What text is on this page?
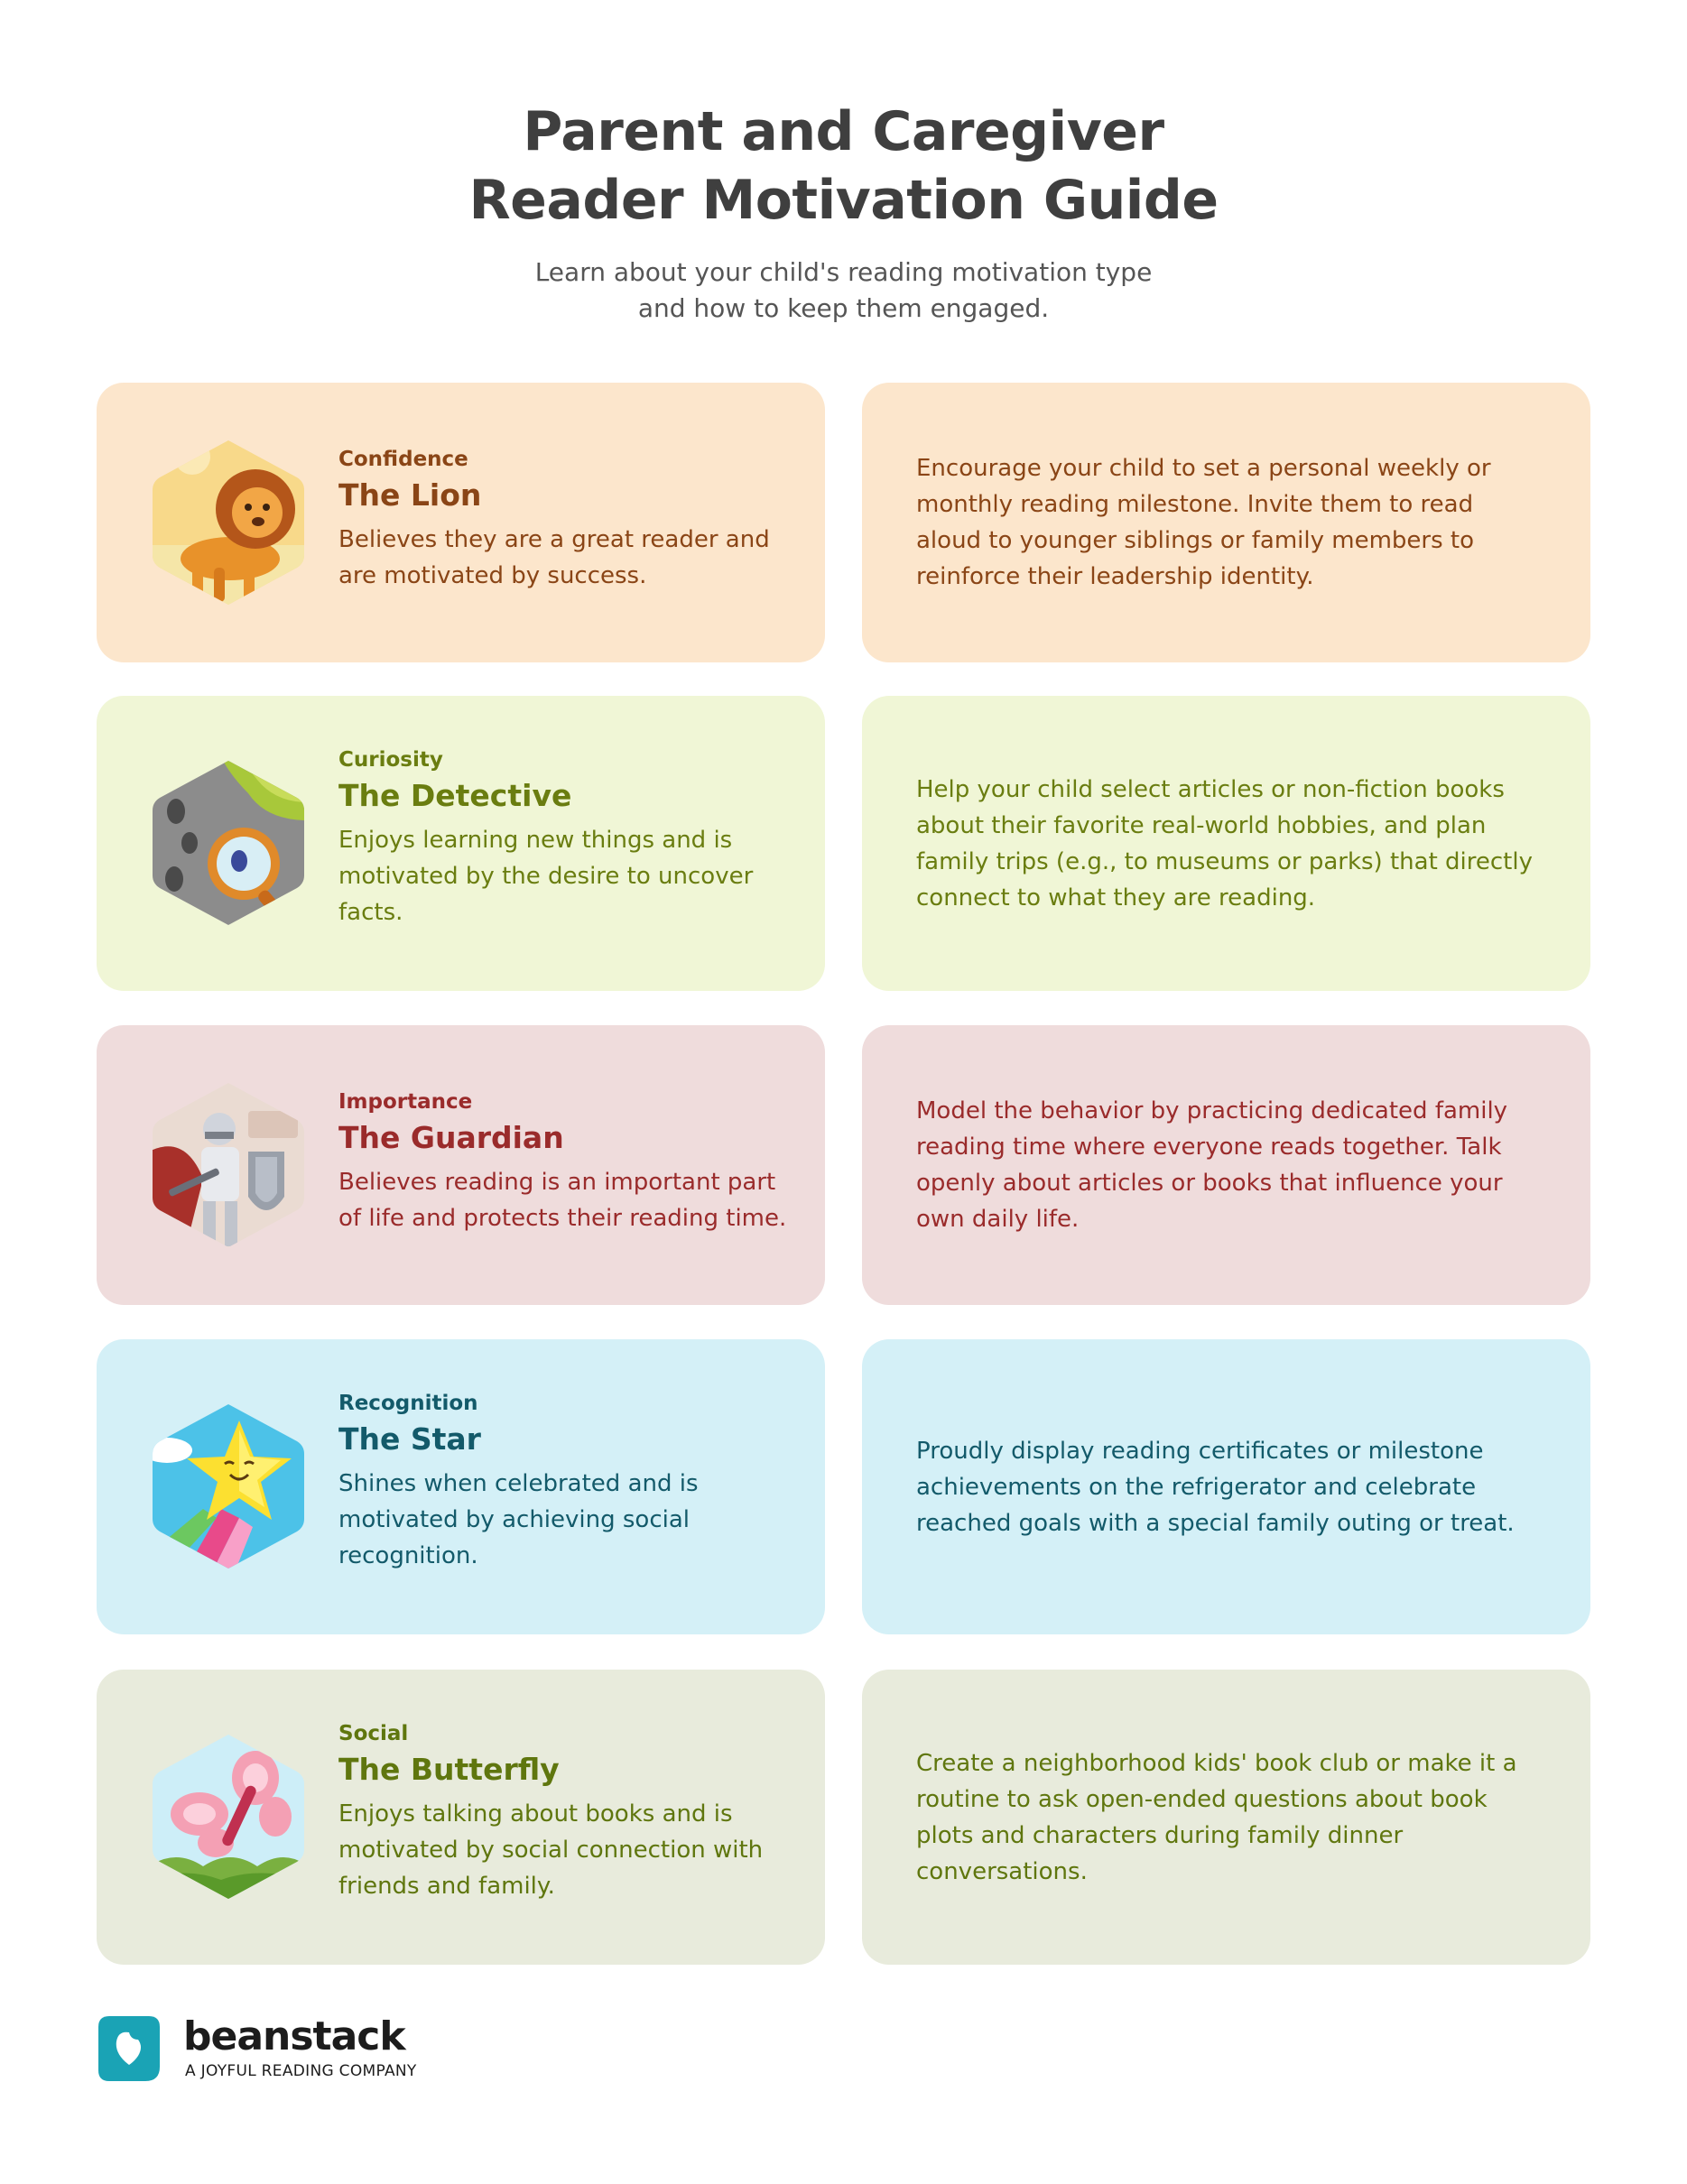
Parent and Caregiver
Reader Motivation Guide
Learn about your child's reading motivation type
and how to keep them engaged.
Confidence
The Lion
Believes they are a great reader and are motivated by success.
Encourage your child to set a personal weekly or monthly reading milestone. Invite them to read aloud to younger siblings or family members to reinforce their leadership identity.
Curiosity
The Detective
Enjoys learning new things and is motivated by the desire to uncover facts.
Help your child select articles or non-fiction books about their favorite real-world hobbies, and plan family trips (e.g., to museums or parks) that directly connect to what they are reading.
Importance
The Guardian
Believes reading is an important part of life and protects their reading time.
Model the behavior by practicing dedicated family reading time where everyone reads together. Talk openly about articles or books that influence your own daily life.
Recognition
The Star
Shines when celebrated and is motivated by achieving social recognition.
Proudly display reading certificates or milestone achievements on the refrigerator and celebrate reached goals with a special family outing or treat.
Social
The Butterfly
Enjoys talking about books and is motivated by social connection with friends and family.
Create a neighborhood kids' book club or make it a routine to ask open-ended questions about book plots and characters during family dinner conversations.
beanstack
A JOYFUL READING COMPANY
